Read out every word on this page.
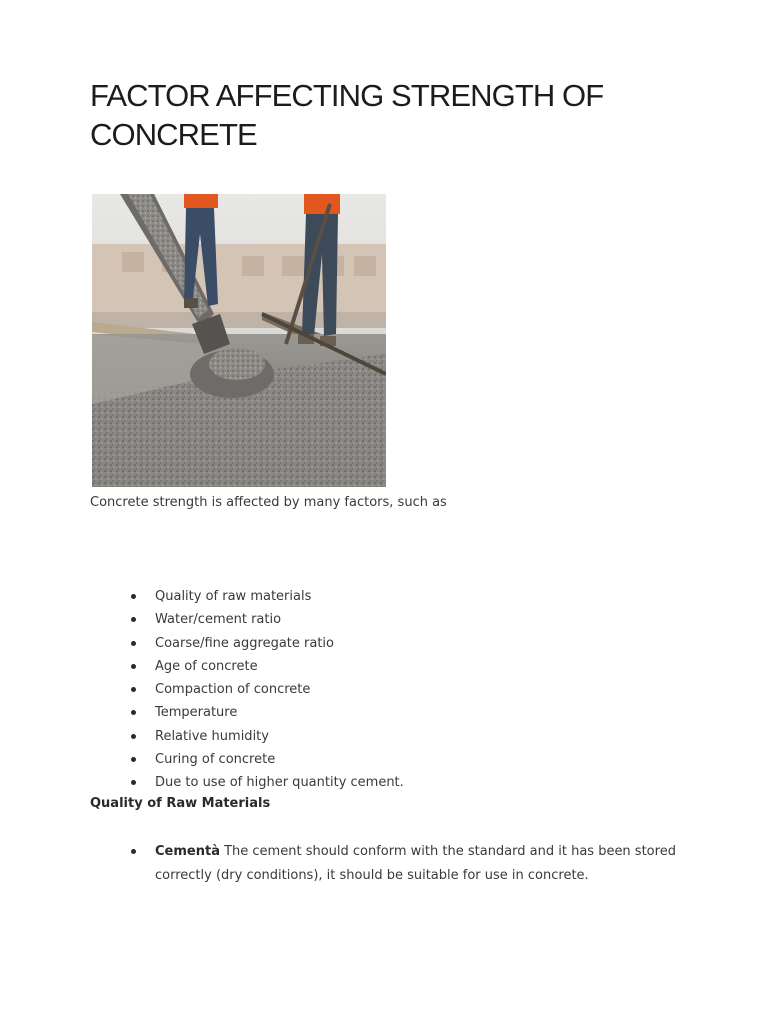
FACTOR AFFECTING STRENGTH OF CONCRETE

Concrete strength is affected by many factors, such as

Quality of raw materials
Water/cement ratio
Coarse/fine aggregate ratio
Age of concrete
Compaction of concrete
Temperature
Relative humidity
Curing of concrete
Due to use of higher quantity cement.
Quality of Raw Materials
Cementà The cement should conform with the standard and it has been stored correctly (dry conditions), it should be suitable for use in concrete.
